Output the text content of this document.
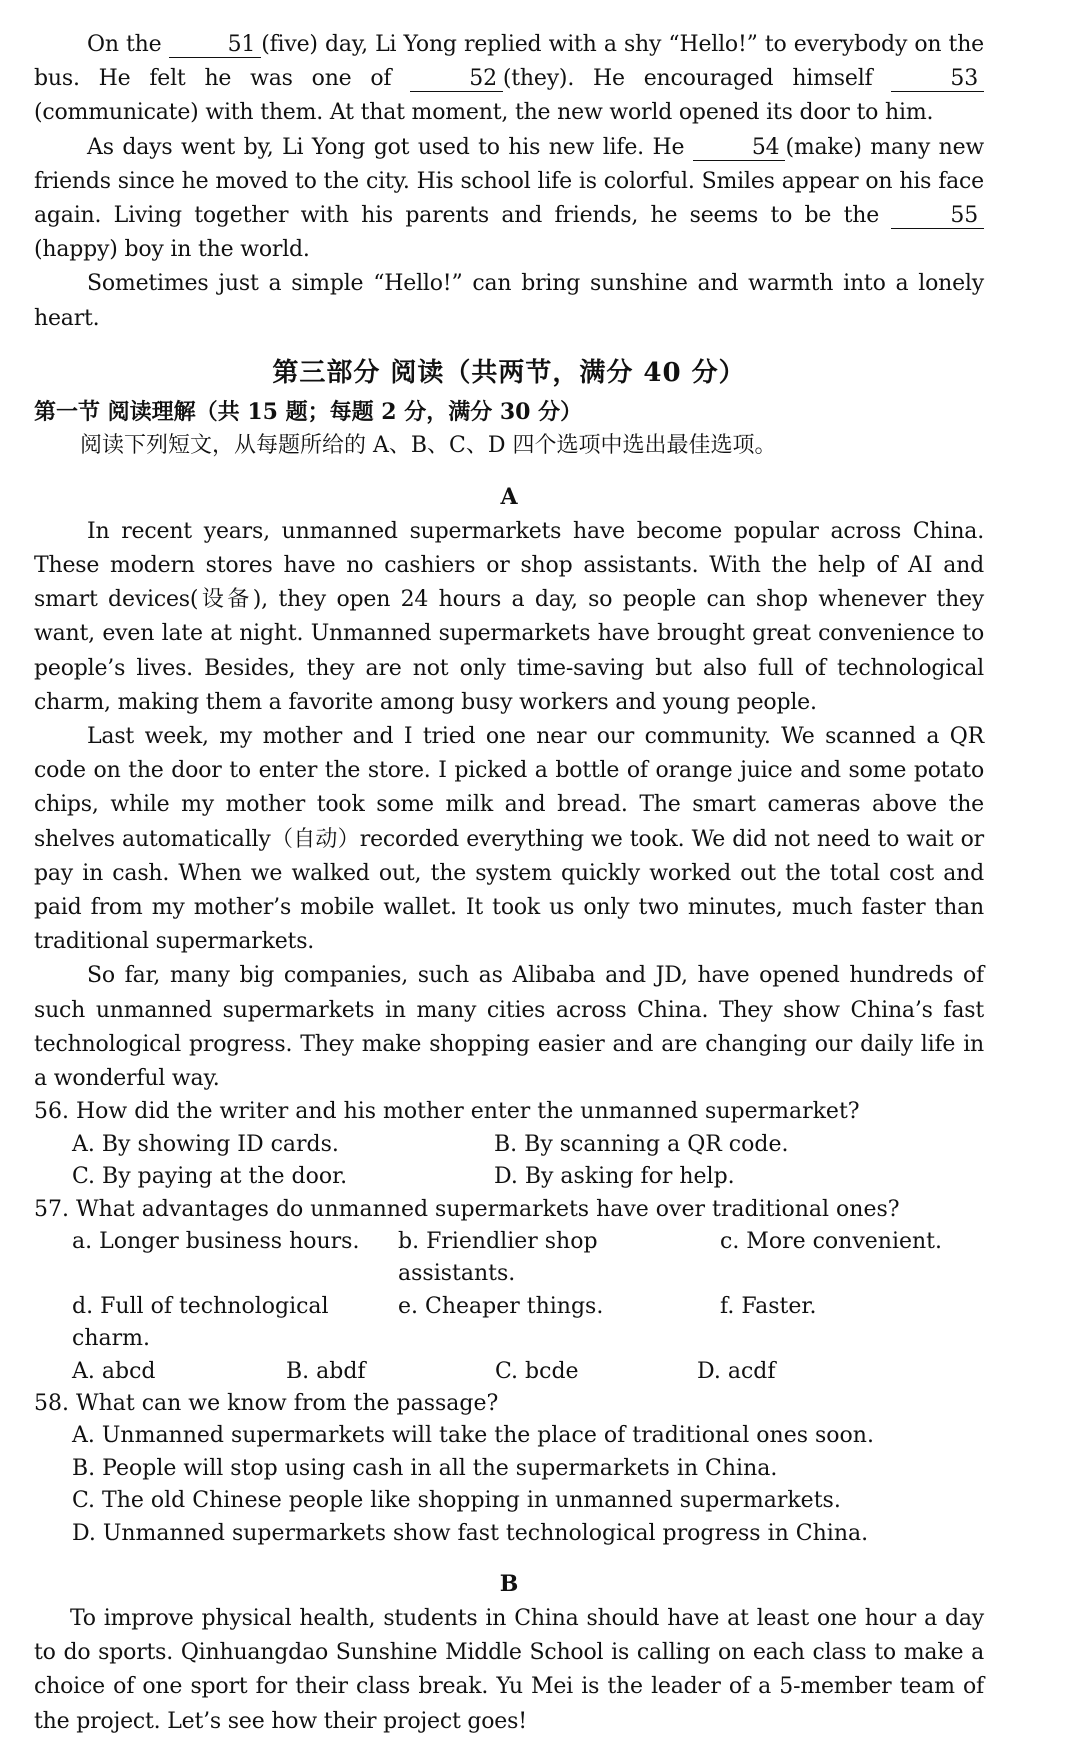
On the	51 (five) day, Li Yong replied with a shy “Hello!” to everybody on the bus. He felt he was one of	52 (they). He encouraged himself	53(communicate) with them. At that moment, the new world opened its door to him.

As days went by, Li Yong got used to his new life. He	54 (make) many new friends since he moved to the city. His school life is colorful. Smiles appear on his face again. Living together with his parents and friends, he seems to be the	55(happy) boy in the world.

Sometimes just a simple “Hello!” can bring sunshine and warmth into a lonely heart.

第三部分 阅读（共两节，满分 40 分）
第一节 阅读理解（共 15 题；每题 2 分，满分 30 分）
阅读下列短文，从每题所给的 A、B、C、D 四个选项中选出最佳选项。
A

In recent years, unmanned supermarkets have become popular across China. These modern stores have no cashiers or shop assistants. With the help of AI and smart devices(设备), they open 24 hours a day, so people can shop whenever they want, even late at night. Unmanned supermarkets have brought great convenience to people’s lives. Besides, they are not only time-saving but also full of technological charm, making them a favorite among busy workers and young people.

Last week, my mother and I tried one near our community. We scanned a QR code on the door to enter the store. I picked a bottle of orange juice and some potato chips, while my mother took some milk and bread. The smart cameras above the shelves automatically（自动）recorded everything we took. We did not need to wait or pay in cash. When we walked out, the system quickly worked out the total cost and paid from my mother’s mobile wallet. It took us only two minutes, much faster than traditional supermarkets.

So far, many big companies, such as Alibaba and JD, have opened hundreds of such unmanned supermarkets in many cities across China. They show China’s fast technological progress. They make shopping easier and are changing our daily life in a wonderful way.

56. How did the writer and his mother enter the unmanned supermarket?
A. By showing ID cards.	B. By scanning a QR code.
C. By paying at the door.	D. By asking for help.
57. What advantages do unmanned supermarkets have over traditional ones?
a. Longer business hours.	b. Friendlier shop assistants.
c. More convenient.
d. Full of technological charm.
e. Cheaper things.	f. Faster.
A. abcd	B. abdf	C. bcde	D. acdf
58. What can we know from the passage?
A. Unmanned supermarkets will take the place of traditional ones soon.
B. People will stop using cash in all the supermarkets in China.
C. The old Chinese people like shopping in unmanned supermarkets.
D. Unmanned supermarkets show fast technological progress in China.
B

To improve physical health, students in China should have at least one hour a day to do sports. Qinhuangdao Sunshine Middle School is calling on each class to make a choice of one sport for their class break. Yu Mei is the leader of a 5-member team of the project. Let’s see how their project goes!
